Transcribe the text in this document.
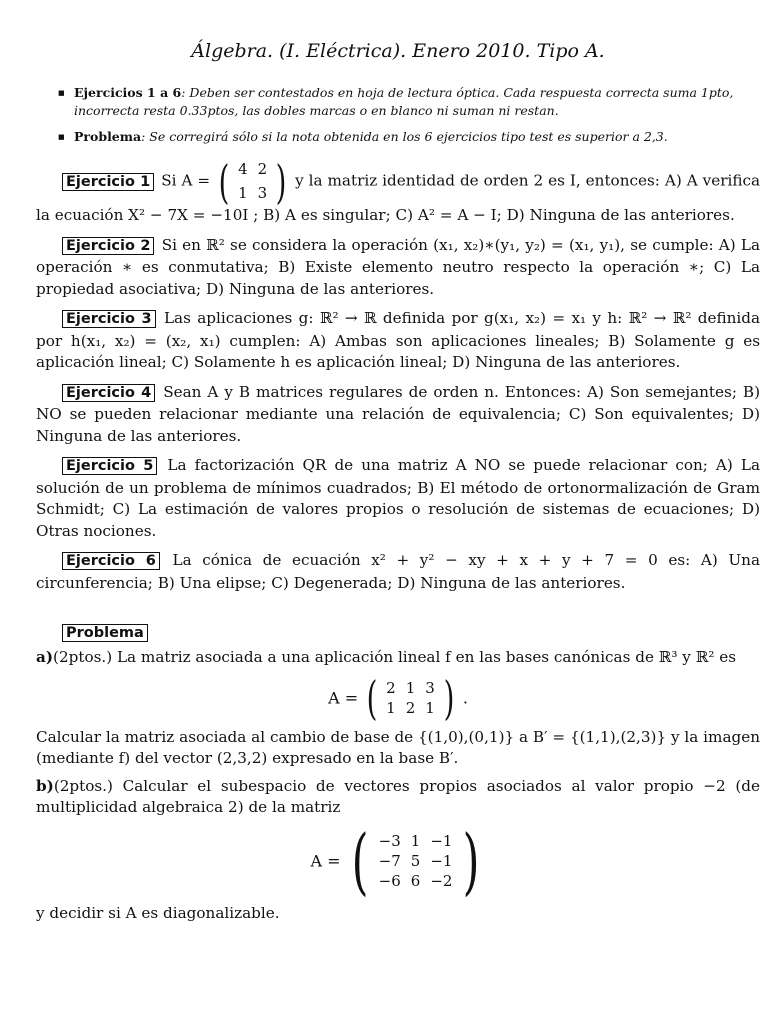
Álgebra. (I. Eléctrica). Enero 2010. Tipo A.
■ Ejercicios 1 a 6: Deben ser contestados en hoja de lectura óptica. Cada respuesta correcta suma 1pto, incorrecta resta 0.33ptos, las dobles marcas o en blanco ni suman ni restan.
■ Problema: Se corregirá sólo si la nota obtenida en los 6 ejercicios tipo test es superior a 2,3.
Ejercicio 1 Si A = ( 4	2
1	3 ) y la matriz identidad de orden 2 es I, entonces: A) A verifica la ecuación X² − 7X = −10I ; B) A es singular; C) A² = A − I; D) Ninguna de las anteriores.
Ejercicio 2 Si en ℝ² se considera la operación (x₁, x₂)∗(y₁, y₂) = (x₁, y₁), se cumple: A) La operación ∗ es conmutativa; B) Existe elemento neutro respecto la operación ∗; C) La propiedad asociativa; D) Ninguna de las anteriores.
Ejercicio 3 Las aplicaciones g: ℝ² → ℝ definida por g(x₁, x₂) = x₁ y h: ℝ² → ℝ² definida por h(x₁, x₂) = (x₂, x₁) cumplen: A) Ambas son aplicaciones lineales; B) Solamente g es aplicación lineal; C) Solamente h es aplicación lineal; D) Ninguna de las anteriores.
Ejercicio 4 Sean A y B matrices regulares de orden n. Entonces: A) Son semejantes; B) NO se pueden relacionar mediante una relación de equivalencia; C) Son equivalentes; D) Ninguna de las anteriores.
Ejercicio 5 La factorización QR de una matriz A NO se puede relacionar con; A) La solución de un problema de mínimos cuadrados; B) El método de ortonormalización de Gram Schmidt; C) La estimación de valores propios o resolución de sistemas de ecuaciones; D) Otras nociones.
Ejercicio 6 La cónica de ecuación x² + y² − xy + x + y + 7 = 0 es: A) Una circunferencia; B) Una elipse; C) Degenerada; D) Ninguna de las anteriores.
Problema
a)(2ptos.) La matriz asociada a una aplicación lineal f en las bases canónicas de ℝ³ y ℝ² es
A = ( 2	1	3
1	2	1 ) .
Calcular la matriz asociada al cambio de base de {(1,0),(0,1)} a B′ = {(1,1),(2,3)} y la imagen (mediante f) del vector (2,3,2) expresado en la base B′.
b)(2ptos.) Calcular el subespacio de vectores propios asociados al valor propio −2 (de multiplicidad algebraica 2) de la matriz
A = ( −3	1	−1
−7	5	−1
−6	6	−2 )
y decidir si A es diagonalizable.
